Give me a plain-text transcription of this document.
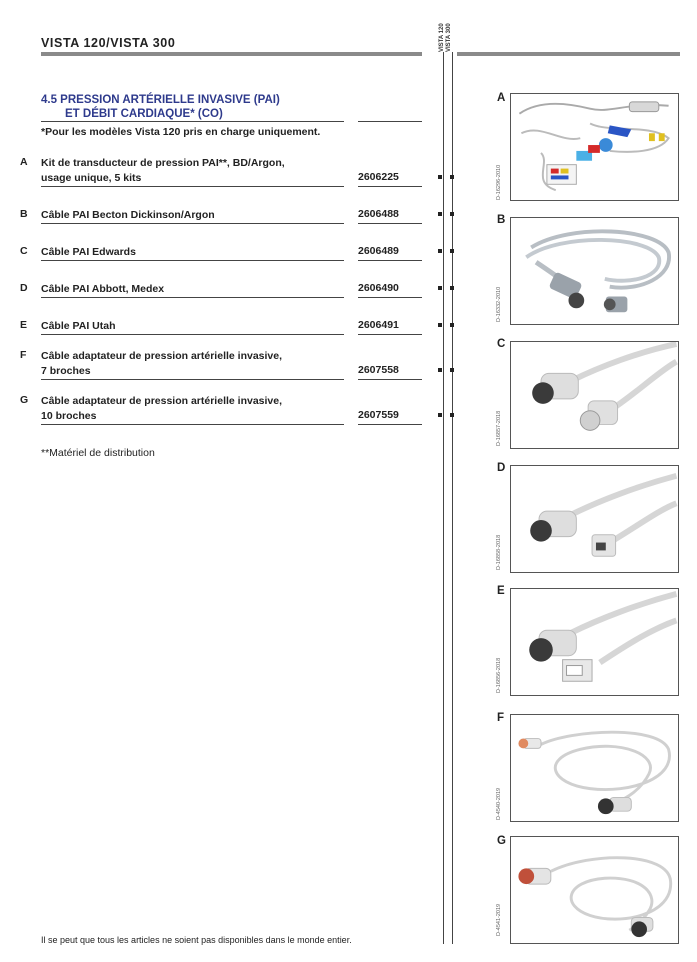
VISTA 120/VISTA 300	VISTA 120 VISTA 300
4.5 PRESSION ARTÉRIELLE INVASIVE (PAI)
ET DÉBIT CARDIAQUE* (CO)
*Pour les modèles Vista 120 pris en charge uniquement.
A Kit de transducteur de pression PAI**, BD/Argon,
usage unique, 5 kits	2606225
B Câble PAI Becton Dickinson/Argon	2606488
C Câble PAI Edwards	2606489
D Câble PAI Abbott, Medex	2606490
E Câble PAI Utah	2606491
F Câble adaptateur de pression artérielle invasive,
7 broches	2607558
G Câble adaptateur de pression artérielle invasive,
10 broches	2607559
**Matériel de distribution
Il se peut que tous les articles ne soient pas disponibles dans le monde entier.
A
D-16296-2010
B
D-16332-2010
C
D-16857-2018
D
D-16858-2018
E
D-16856-2018
F
D-4540-2019
G
D-4541-2019
